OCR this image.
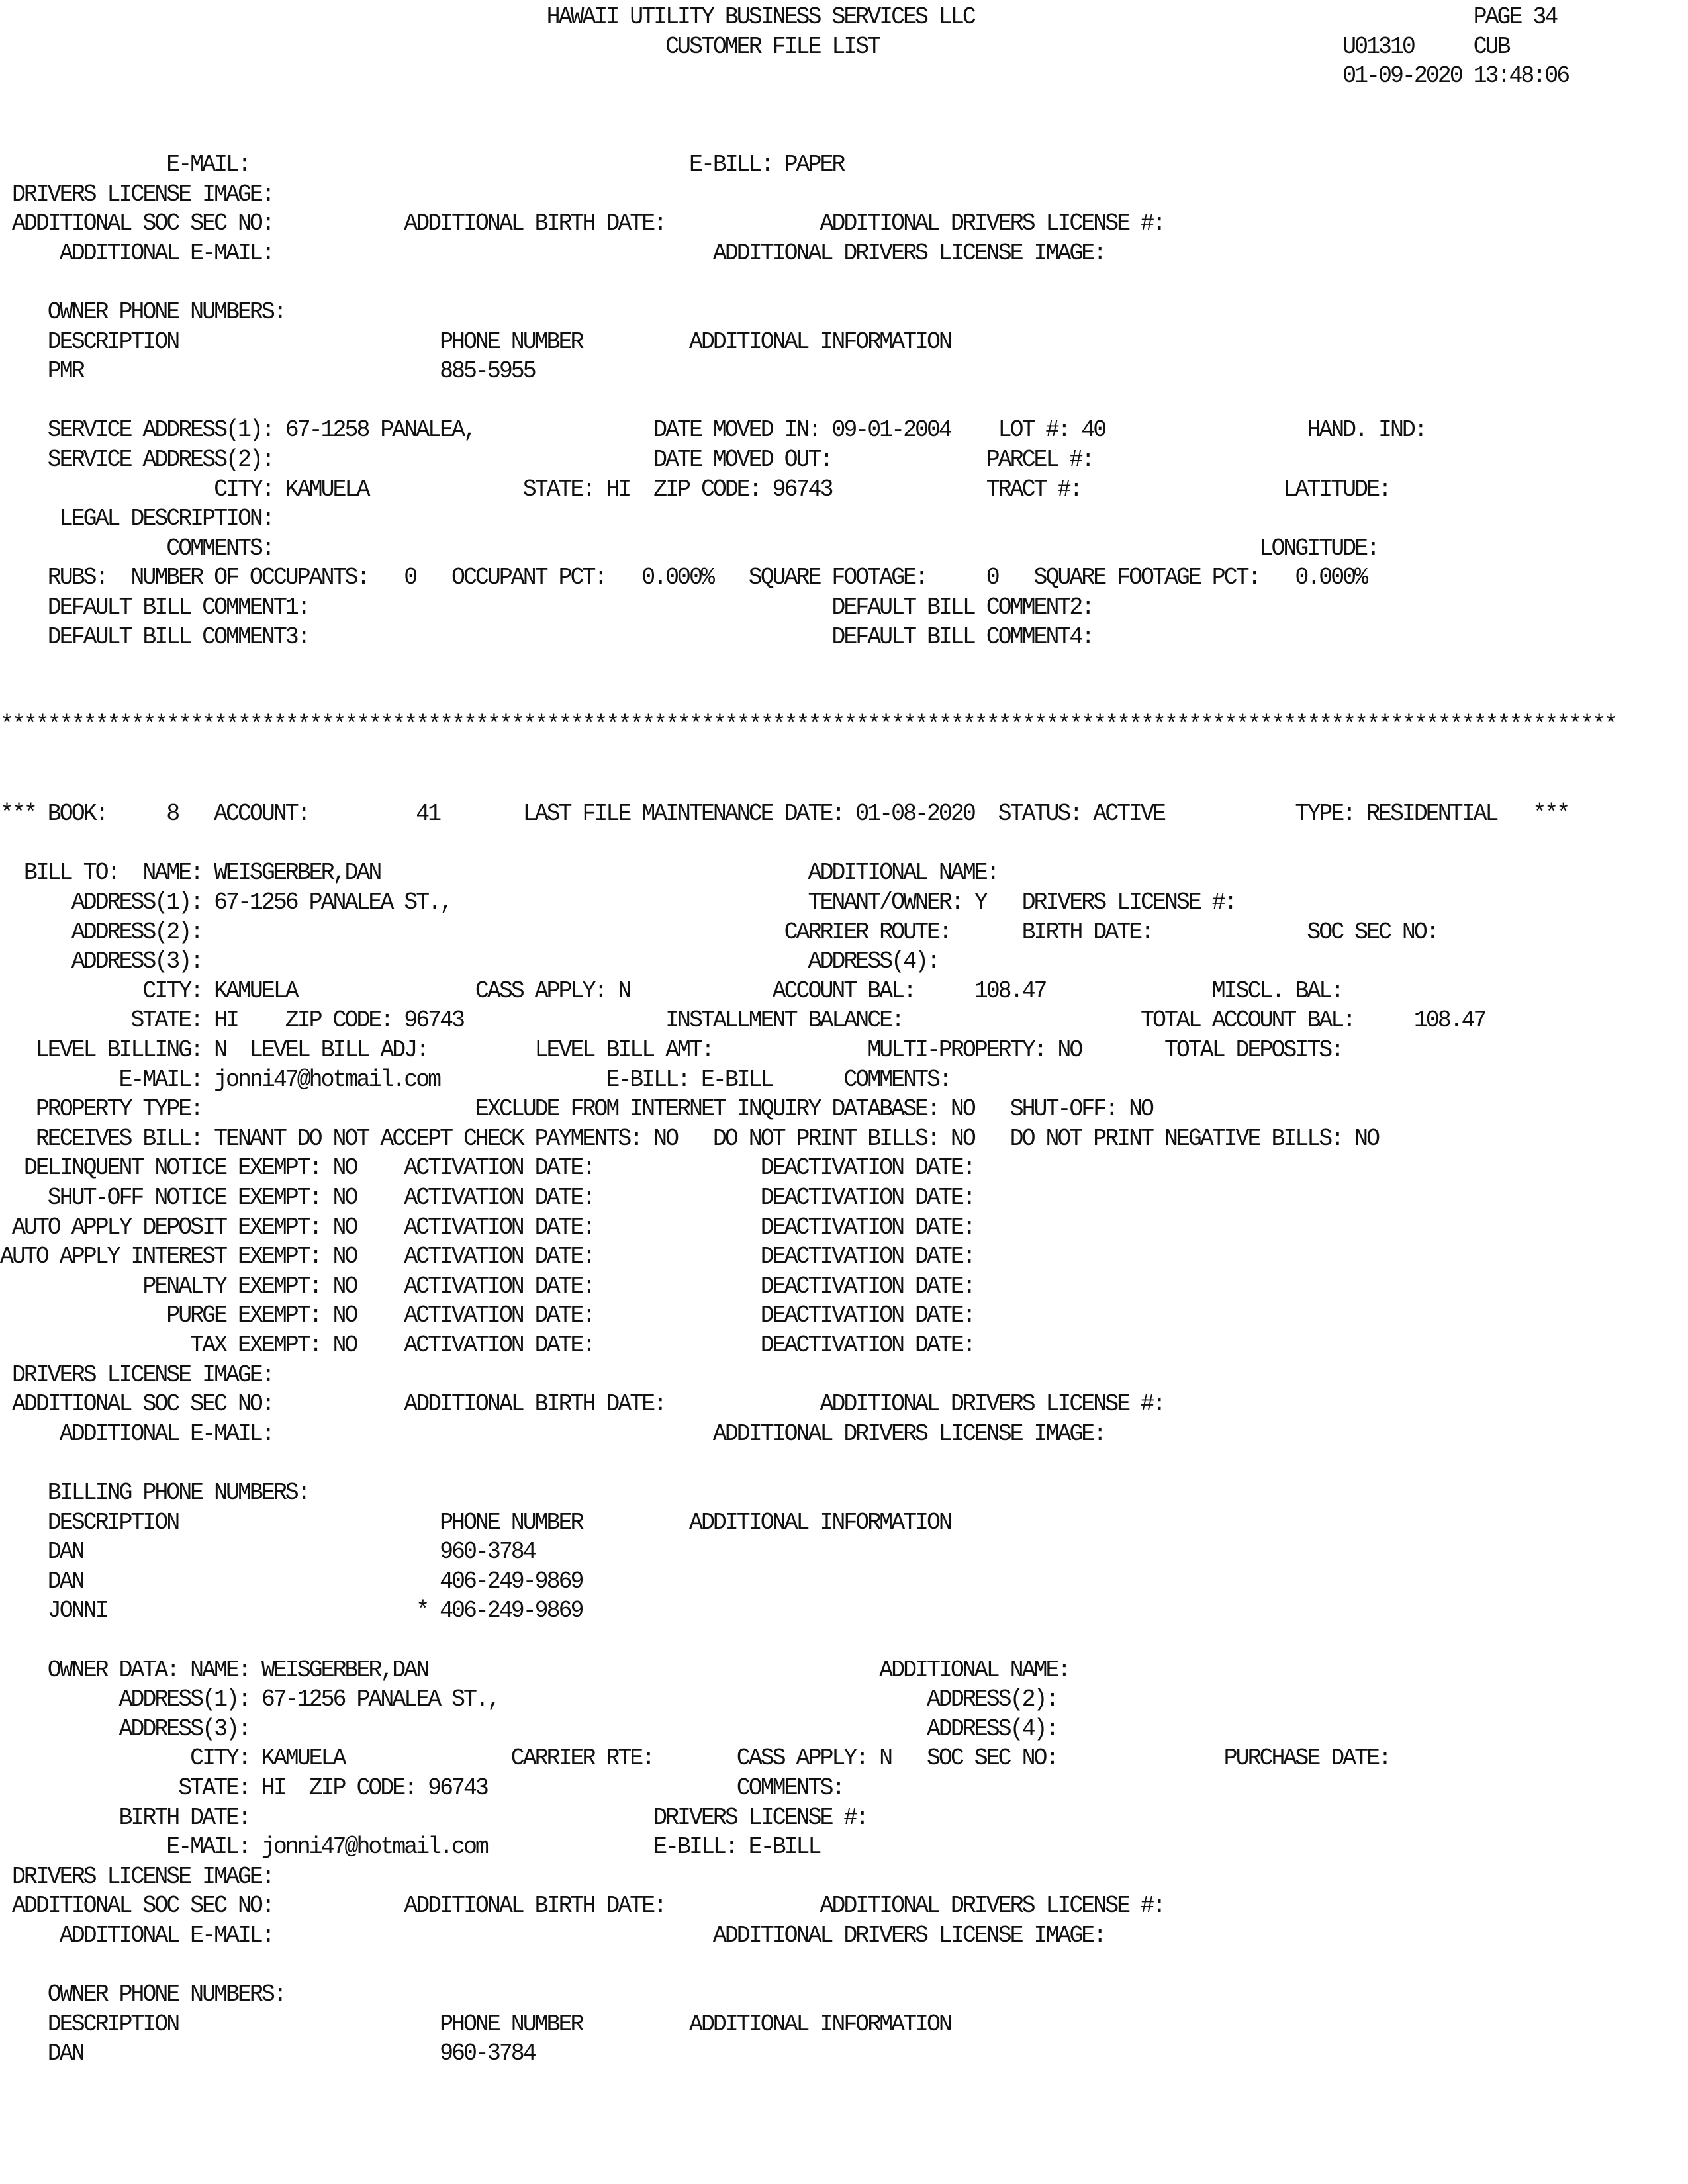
HAWAII UTILITY BUSINESS SERVICES LLC                                          PAGE 34
CUSTOMER FILE LIST                                       U01310     CUB
01-09-2020 13:48:06
E-MAIL:                                     E-BILL: PAPER
DRIVERS LICENSE IMAGE:
ADDITIONAL SOC SEC NO:           ADDITIONAL BIRTH DATE:             ADDITIONAL DRIVERS LICENSE #:
ADDITIONAL E-MAIL:                                     ADDITIONAL DRIVERS LICENSE IMAGE:
OWNER PHONE NUMBERS:
DESCRIPTION                      PHONE NUMBER         ADDITIONAL INFORMATION
PMR                              885-5955
SERVICE ADDRESS(1): 67-1258 PANALEA,               DATE MOVED IN: 09-01-2004    LOT #: 40                 HAND. IND:
SERVICE ADDRESS(2):                                DATE MOVED OUT:             PARCEL #:
CITY: KAMUELA             STATE: HI  ZIP CODE: 96743             TRACT #:                 LATITUDE:
LEGAL DESCRIPTION:
COMMENTS:                                                                                   LONGITUDE:
RUBS:  NUMBER OF OCCUPANTS:   0   OCCUPANT PCT:   0.000%   SQUARE FOOTAGE:     0   SQUARE FOOTAGE PCT:   0.000%
DEFAULT BILL COMMENT1:                                            DEFAULT BILL COMMENT2:
DEFAULT BILL COMMENT3:                                            DEFAULT BILL COMMENT4:
****************************************************************************************************************************************
*** BOOK:     8   ACCOUNT:         41       LAST FILE MAINTENANCE DATE: 01-08-2020  STATUS: ACTIVE           TYPE: RESIDENTIAL   ***
BILL TO:  NAME: WEISGERBER,DAN                                    ADDITIONAL NAME:
ADDRESS(1): 67-1256 PANALEA ST.,                              TENANT/OWNER: Y   DRIVERS LICENSE #:
ADDRESS(2):                                                 CARRIER ROUTE:      BIRTH DATE:             SOC SEC NO:
ADDRESS(3):                                                   ADDRESS(4):
CITY: KAMUELA               CASS APPLY: N            ACCOUNT BAL:     108.47              MISCL. BAL:
STATE: HI    ZIP CODE: 96743                 INSTALLMENT BALANCE:                    TOTAL ACCOUNT BAL:     108.47
LEVEL BILLING: N  LEVEL BILL ADJ:         LEVEL BILL AMT:             MULTI-PROPERTY: NO       TOTAL DEPOSITS:
E-MAIL: jonni47@hotmail.com              E-BILL: E-BILL      COMMENTS:
PROPERTY TYPE:                       EXCLUDE FROM INTERNET INQUIRY DATABASE: NO   SHUT-OFF: NO
RECEIVES BILL: TENANT DO NOT ACCEPT CHECK PAYMENTS: NO   DO NOT PRINT BILLS: NO   DO NOT PRINT NEGATIVE BILLS: NO
DELINQUENT NOTICE EXEMPT: NO    ACTIVATION DATE:              DEACTIVATION DATE:
SHUT-OFF NOTICE EXEMPT: NO    ACTIVATION DATE:              DEACTIVATION DATE:
AUTO APPLY DEPOSIT EXEMPT: NO    ACTIVATION DATE:              DEACTIVATION DATE:
AUTO APPLY INTEREST EXEMPT: NO    ACTIVATION DATE:              DEACTIVATION DATE:
PENALTY EXEMPT: NO    ACTIVATION DATE:              DEACTIVATION DATE:
PURGE EXEMPT: NO    ACTIVATION DATE:              DEACTIVATION DATE:
TAX EXEMPT: NO    ACTIVATION DATE:              DEACTIVATION DATE:
DRIVERS LICENSE IMAGE:
ADDITIONAL SOC SEC NO:           ADDITIONAL BIRTH DATE:             ADDITIONAL DRIVERS LICENSE #:
ADDITIONAL E-MAIL:                                     ADDITIONAL DRIVERS LICENSE IMAGE:
BILLING PHONE NUMBERS:
DESCRIPTION                      PHONE NUMBER         ADDITIONAL INFORMATION
DAN                              960-3784
DAN                              406-249-9869
JONNI                          * 406-249-9869
OWNER DATA: NAME: WEISGERBER,DAN                                      ADDITIONAL NAME:
ADDRESS(1): 67-1256 PANALEA ST.,                                    ADDRESS(2):
ADDRESS(3):                                                         ADDRESS(4):
CITY: KAMUELA              CARRIER RTE:       CASS APPLY: N   SOC SEC NO:              PURCHASE DATE:
STATE: HI  ZIP CODE: 96743                     COMMENTS:
BIRTH DATE:                                  DRIVERS LICENSE #:
E-MAIL: jonni47@hotmail.com              E-BILL: E-BILL
DRIVERS LICENSE IMAGE:
ADDITIONAL SOC SEC NO:           ADDITIONAL BIRTH DATE:             ADDITIONAL DRIVERS LICENSE #:
ADDITIONAL E-MAIL:                                     ADDITIONAL DRIVERS LICENSE IMAGE:
OWNER PHONE NUMBERS:
DESCRIPTION                      PHONE NUMBER         ADDITIONAL INFORMATION
DAN                              960-3784
